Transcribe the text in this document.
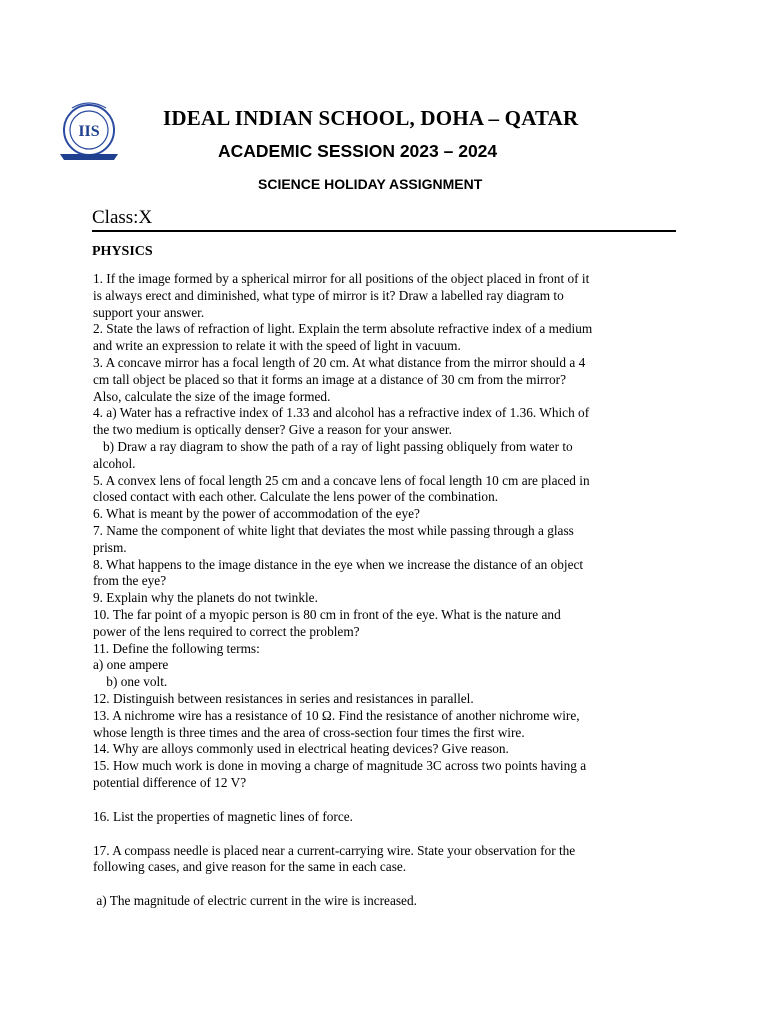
IIS
IDEAL INDIAN SCHOOL, DOHA – QATAR
ACADEMIC SESSION 2023 – 2024
SCIENCE HOLIDAY ASSIGNMENT
Class:X
PHYSICS

1. If the image formed by a spherical mirror for all positions of the object placed in front of it
is always erect and diminished, what type of mirror is it? Draw a labelled ray diagram to
support your answer.

2. State the laws of refraction of light. Explain the term absolute refractive index of a medium
and write an expression to relate it with the speed of light in vacuum.

3. A concave mirror has a focal length of 20 cm. At what distance from the mirror should a 4
cm tall object be placed so that it forms an image at a distance of 30 cm from the mirror?
Also, calculate the size of the image formed.

4. a) Water has a refractive index of 1.33 and alcohol has a refractive index of 1.36. Which of
the two medium is optically denser? Give a reason for your answer.
b) Draw a ray diagram to show the path of a ray of light passing obliquely from water to
alcohol.

5. A convex lens of focal length 25 cm and a concave lens of focal length 10 cm are placed in
closed contact with each other. Calculate the lens power of the combination.

6. What is meant by the power of accommodation of the eye?

7. Name the component of white light that deviates the most while passing through a glass
prism.

8. What happens to the image distance in the eye when we increase the distance of an object
from the eye?

9. Explain why the planets do not twinkle.

10. The far point of a myopic person is 80 cm in front of the eye. What is the nature and
power of the lens required to correct the problem?

11. Define the following terms:
a) one ampere
b) one volt.

12. Distinguish between resistances in series and resistances in parallel.

13. A nichrome wire has a resistance of 10 Ω. Find the resistance of another nichrome wire,
whose length is three times and the area of cross-section four times the first wire.

14. Why are alloys commonly used in electrical heating devices? Give reason.

15. How much work is done in moving a charge of magnitude 3C across two points having a
potential difference of 12 V?

16. List the properties of magnetic lines of force.

17. A compass needle is placed near a current-carrying wire. State your observation for the
following cases, and give reason for the same in each case.

a) The magnitude of electric current in the wire is increased.
